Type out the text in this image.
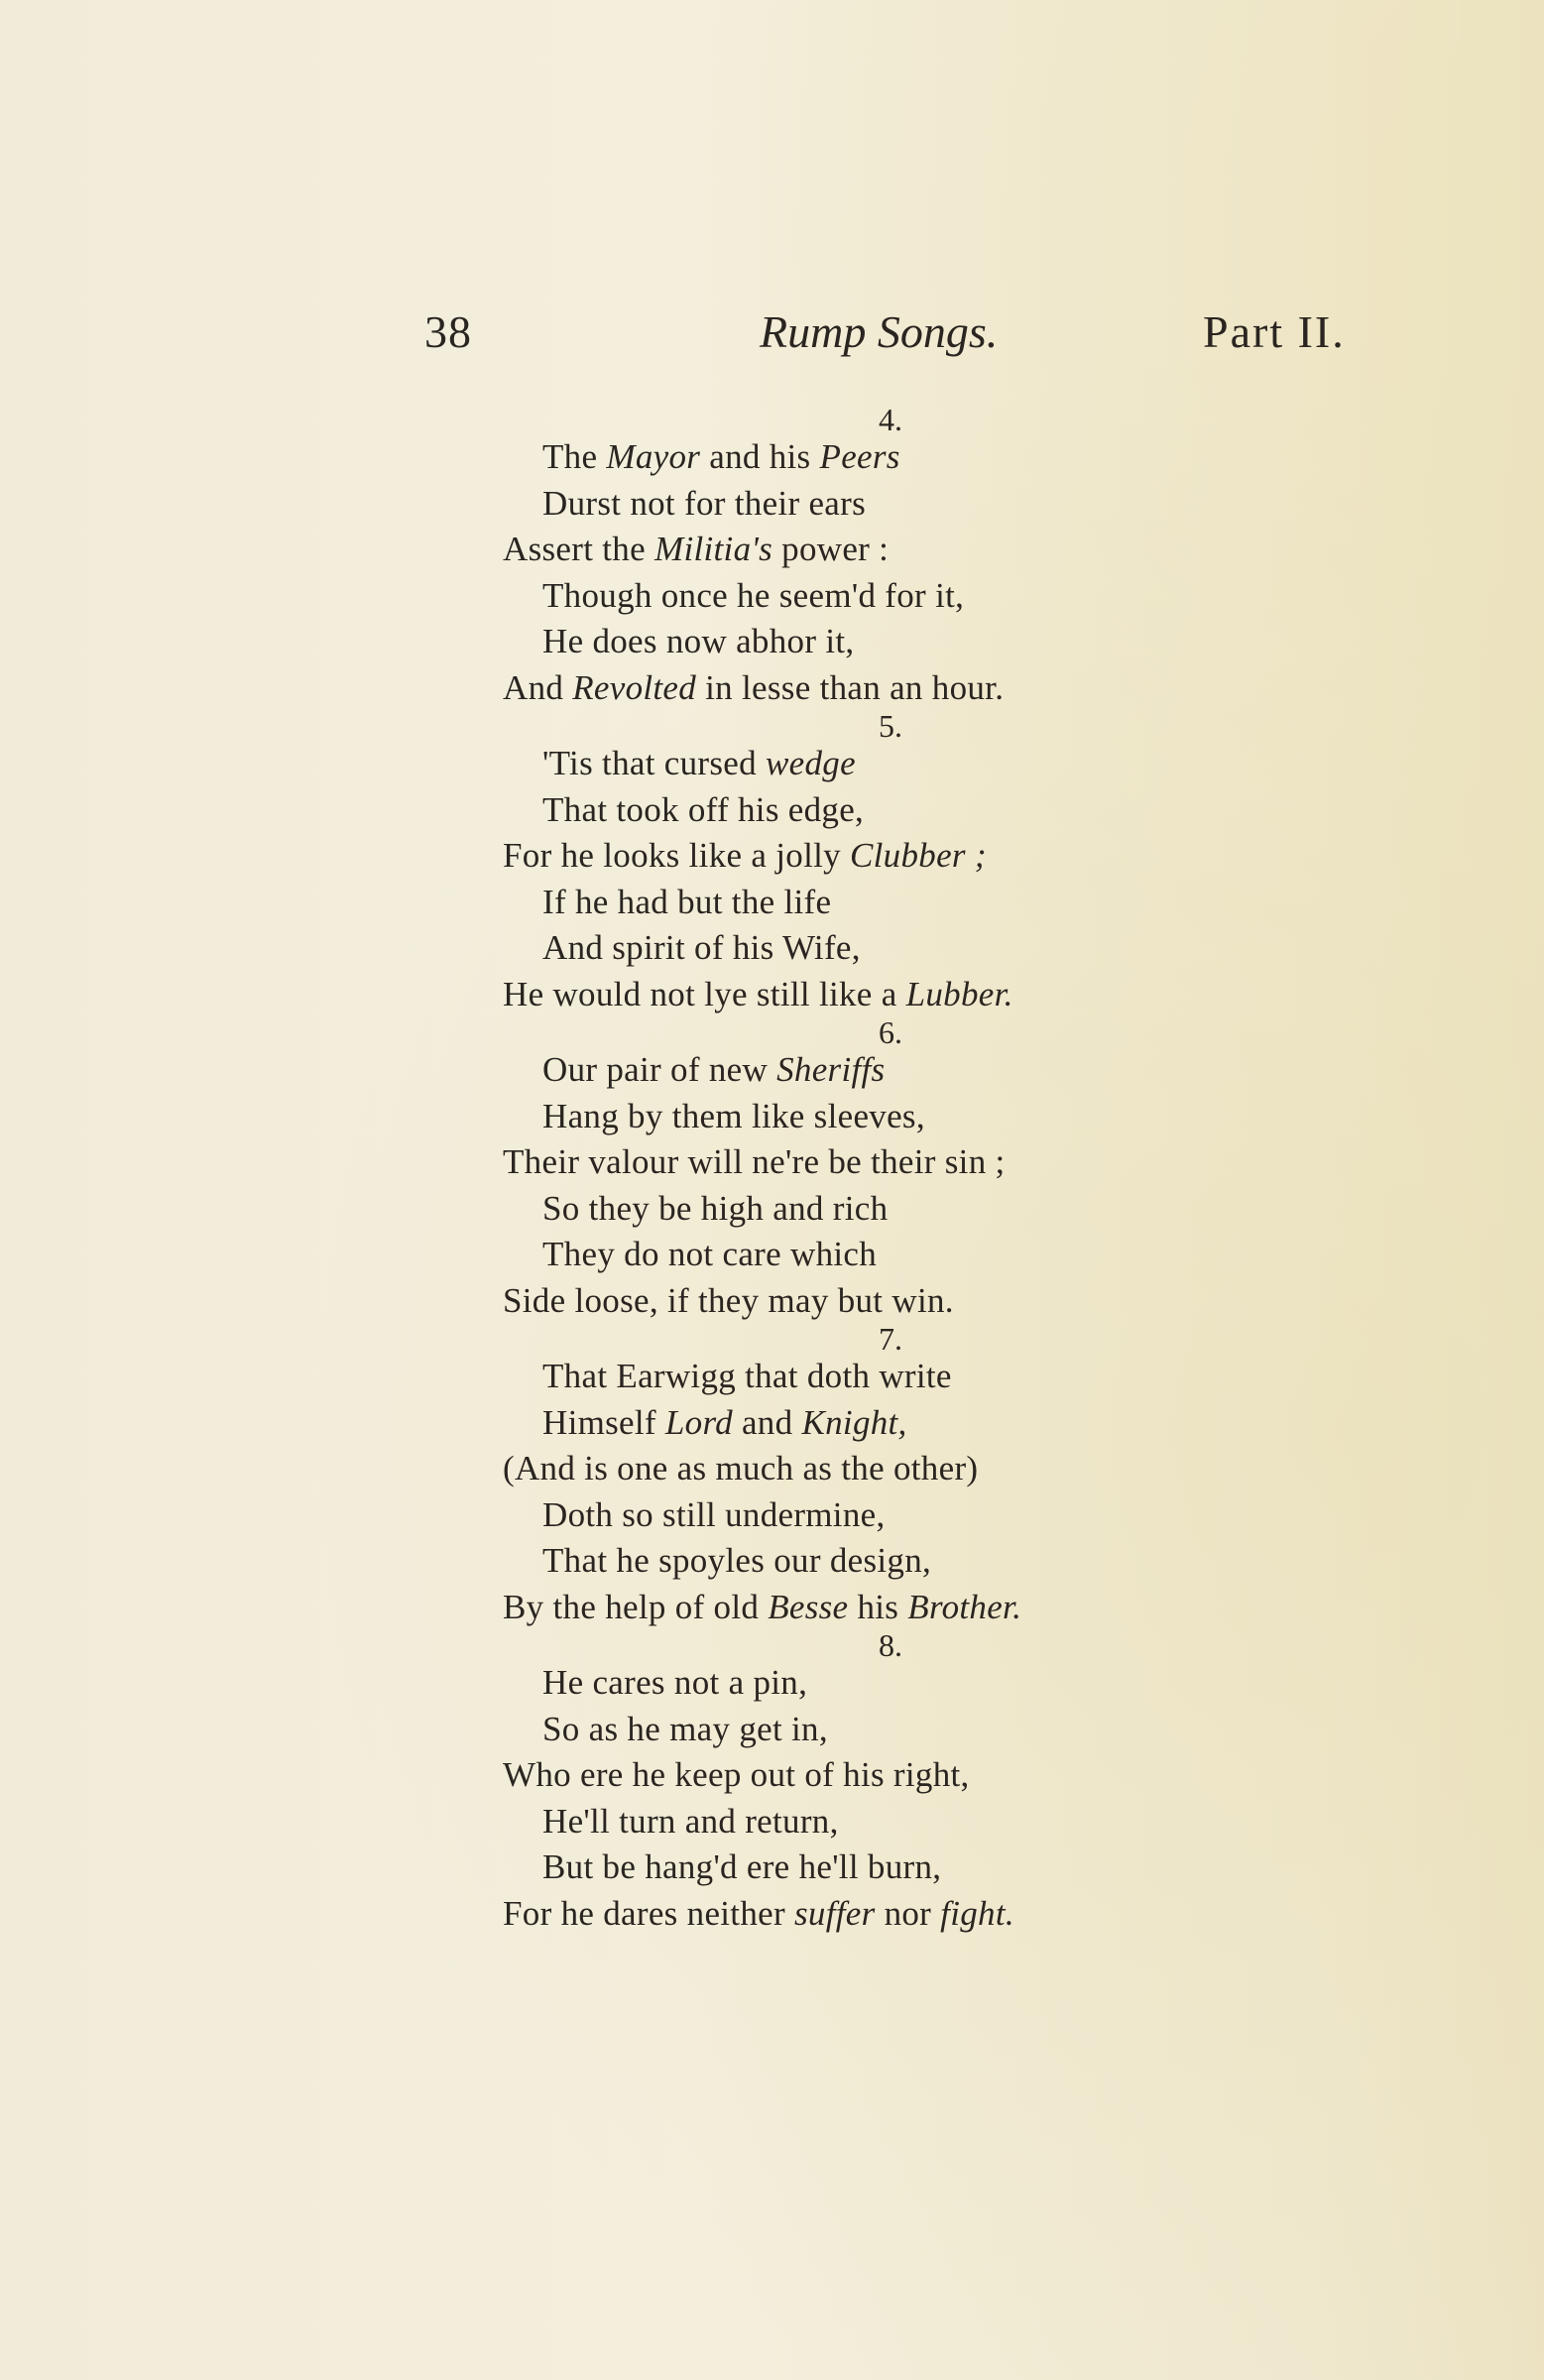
38	Rump Songs.	Part II.
4.
The Mayor and his Peers
Durst not for their ears
Assert the Militia's power :
Though once he seem'd for it,
He does now abhor it,
And Revolted in lesse than an hour.
5.
'Tis that cursed wedge
That took off his edge,
For he looks like a jolly Clubber ;
If he had but the life
And spirit of his Wife,
He would not lye still like a Lubber.
6.
Our pair of new Sheriffs
Hang by them like sleeves,
Their valour will ne're be their sin ;
So they be high and rich
They do not care which
Side loose, if they may but win.
7.
That Earwigg that doth write
Himself Lord and Knight,
(And is one as much as the other)
Doth so still undermine,
That he spoyles our design,
By the help of old Besse his Brother.
8.
He cares not a pin,
So as he may get in,
Who ere he keep out of his right,
He'll turn and return,
But be hang'd ere he'll burn,
For he dares neither suffer nor fight.
